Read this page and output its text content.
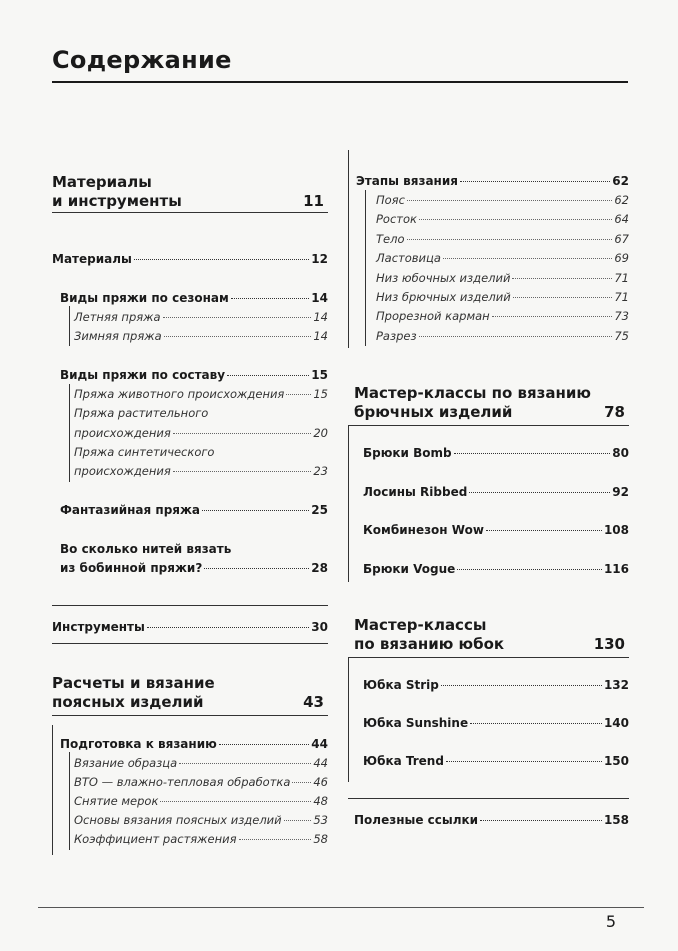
Содержание
Материалы
и инструменты	11
Материалы	12
Виды пряжи по сезонам	14
Летняя пряжа	14
Зимняя пряжа	14
Виды пряжи по составу	15
Пряжа животного происхождения	15
Пряжа растительного
происхождения	20
Пряжа синтетического
происхождения	23
Фантазийная пряжа	25
Во сколько нитей вязать
из бобинной пряжи?	28
Инструменты	30
Расчеты и вязание
поясных изделий	43
Подготовка к вязанию	44
Вязание образца	44
ВТО — влажно-тепловая обработка 46
Снятие мерок	48
Основы вязания поясных изделий	53
Коэффициент растяжения	58
Этапы вязания	62
Пояс	62
Росток	64
Тело	67
Ластовица	69
Низ юбочных изделий	71
Низ брючных изделий	71
Прорезной карман	73
Разрез	75
Мастер-классы по вязанию
брючных изделий	78
Брюки Bomb	80
Лосины Ribbed	92
Комбинезон Wow	108
Брюки Vogue	116
Мастер-классы
по вязанию юбок	130
Юбка Strip	132
Юбка Sunshine	140
Юбка Trend	150
Полезные ссылки	158
5
